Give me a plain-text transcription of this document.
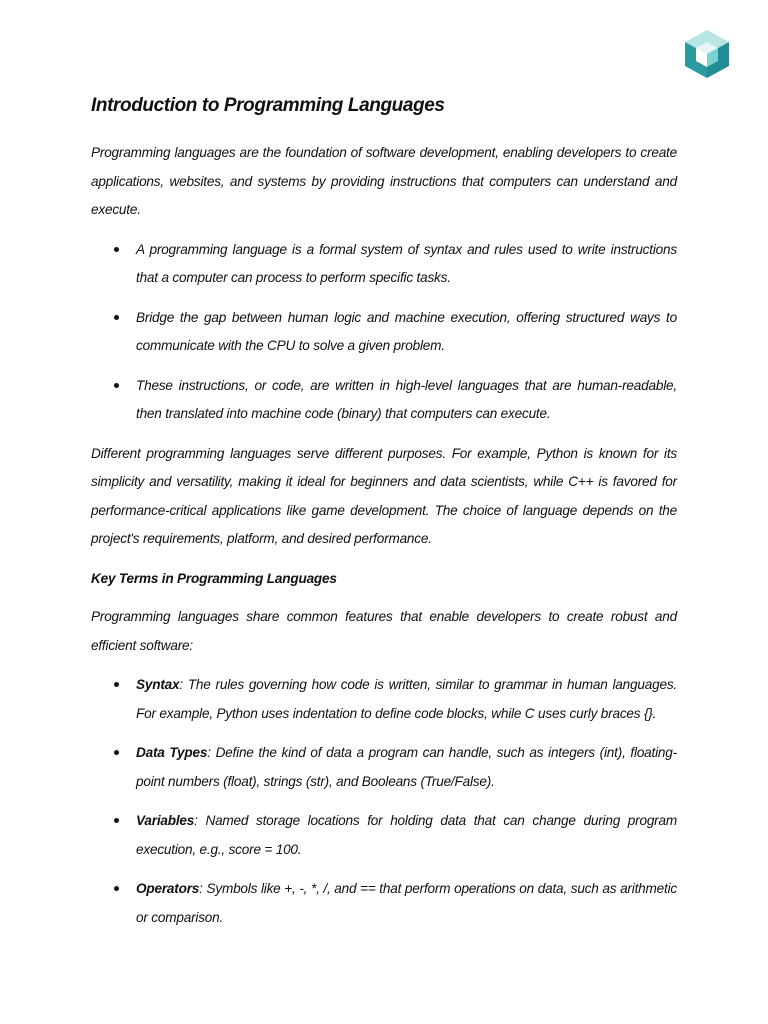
Introduction to Programming Languages

Programming languages are the foundation of software development, enabling developers to create applications, websites, and systems by providing instructions that computers can understand and execute.

A programming language is a formal system of syntax and rules used to write instructions that a computer can process to perform specific tasks.
Bridge the gap between human logic and machine execution, offering structured ways to communicate with the CPU to solve a given problem.
These instructions, or code, are written in high-level languages that are human-readable, then translated into machine code (binary) that computers can execute.

Different programming languages serve different purposes. For example, Python is known for its simplicity and versatility, making it ideal for beginners and data scientists, while C++ is favored for performance-critical applications like game development. The choice of language depends on the project's requirements, platform, and desired performance.

Key Terms in Programming Languages

Programming languages share common features that enable developers to create robust and efficient software:

Syntax: The rules governing how code is written, similar to grammar in human languages. For example, Python uses indentation to define code blocks, while C uses curly braces {}.
Data Types: Define the kind of data a program can handle, such as integers (int), floating-point numbers (float), strings (str), and Booleans (True/False).
Variables: Named storage locations for holding data that can change during program execution, e.g., score = 100.
Operators: Symbols like +, -, *, /, and == that perform operations on data, such as arithmetic or comparison.
